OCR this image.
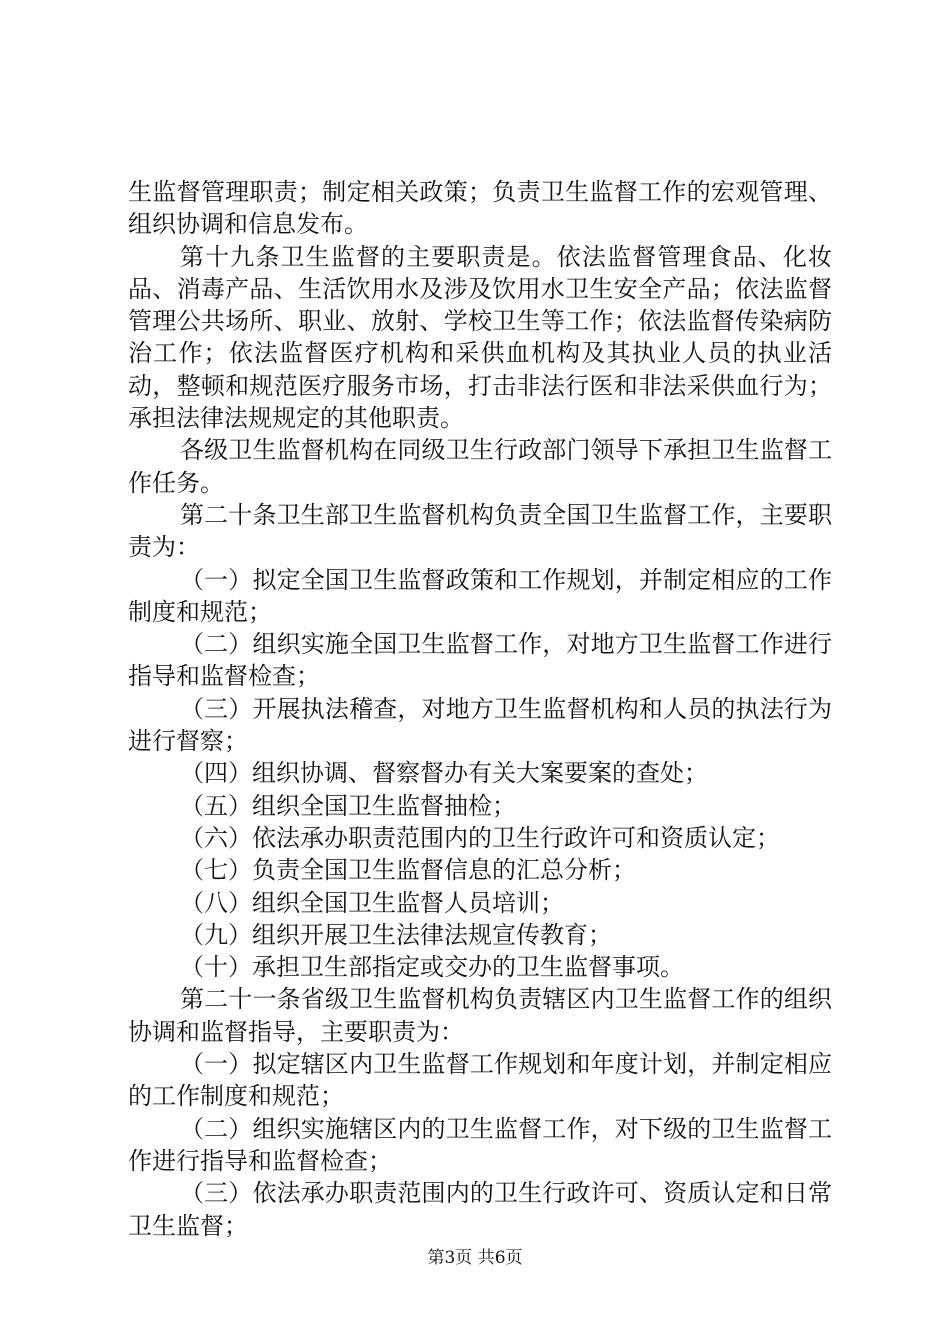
生监督管理职责；制定相关政策；负责卫生监督工作的宏观管理、组织协调和信息发布。

第十九条卫生监督的主要职责是。依法监督管理食品、化妆品、消毒产品、生活饮用水及涉及饮用水卫生安全产品；依法监督管理公共场所、职业、放射、学校卫生等工作；依法监督传染病防治工作；依法监督医疗机构和采供血机构及其执业人员的执业活动，整顿和规范医疗服务市场，打击非法行医和非法采供血行为；承担法律法规规定的其他职责。

各级卫生监督机构在同级卫生行政部门领导下承担卫生监督工作任务。

第二十条卫生部卫生监督机构负责全国卫生监督工作，主要职责为：

（一）拟定全国卫生监督政策和工作规划，并制定相应的工作制度和规范；

（二）组织实施全国卫生监督工作，对地方卫生监督工作进行指导和监督检查；

（三）开展执法稽查，对地方卫生监督机构和人员的执法行为进行督察；

（四）组织协调、督察督办有关大案要案的查处；

（五）组织全国卫生监督抽检；

（六）依法承办职责范围内的卫生行政许可和资质认定；

（七）负责全国卫生监督信息的汇总分析；

（八）组织全国卫生监督人员培训；

（九）组织开展卫生法律法规宣传教育；

（十）承担卫生部指定或交办的卫生监督事项。

第二十一条省级卫生监督机构负责辖区内卫生监督工作的组织协调和监督指导，主要职责为：

（一）拟定辖区内卫生监督工作规划和年度计划，并制定相应的工作制度和规范；

（二）组织实施辖区内的卫生监督工作，对下级的卫生监督工作进行指导和监督检查；

（三）依法承办职责范围内的卫生行政许可、资质认定和日常卫生监督；

第3页 共6页
